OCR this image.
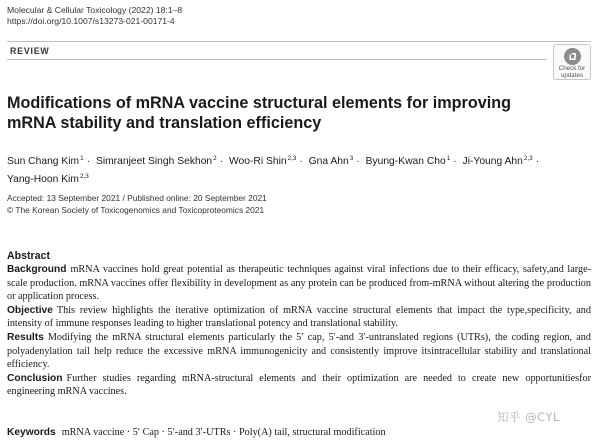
Molecular & Cellular Toxicology (2022) 18:1–8
https://doi.org/10.1007/s13273-021-00171-4
REVIEW
Check for
updates
Modifications of mRNA vaccine structural elements for improving
mRNA stability and translation efficiency
Sun Chang Kim$^1$ · Simranjeet Singh Sekhon$^2$ · Woo-Ri Shin$^{2,3}$ · Gna Ahn$^3$ · Byung-Kwan Cho$^1$ · Ji-Young Ahn$^{2,3}$ ·
Yang-Hoon Kim$^{2,3}$
Accepted: 13 September 2021 / Published online: 20 September 2021
© The Korean Society of Toxicogenomics and Toxicoproteomics 2021
Abstract

Background mRNA vaccines hold great potential as therapeutic techniques against viral infections due to their efficacy, safety,and large-scale production. mRNA vaccines offer flexibility in development as any protein can be produced from-mRNA without altering the production or application process.

Objective This review highlights the iterative optimization of mRNA vaccine structural elements that impact the type,specificity, and intensity of immune responses leading to higher translational potency and translational stability.

Results Modifying the mRNA structural elements particularly the 5′ cap, 5′-and 3′-untranslated regions (UTRs), the coding region, and polyadenylation tail help reduce the excessive mRNA immunogenicity and consistently improve itsintracellular stability and translational efficiency.

Conclusion Further studies regarding mRNA-structural elements and their optimization are needed to create new opportunitiesfor engineering mRNA vaccines.

知乎 @CYL
Keywords mRNA vaccine · 5′ Cap · 5′-and 3′-UTRs · Poly(A) tail, structural modification
